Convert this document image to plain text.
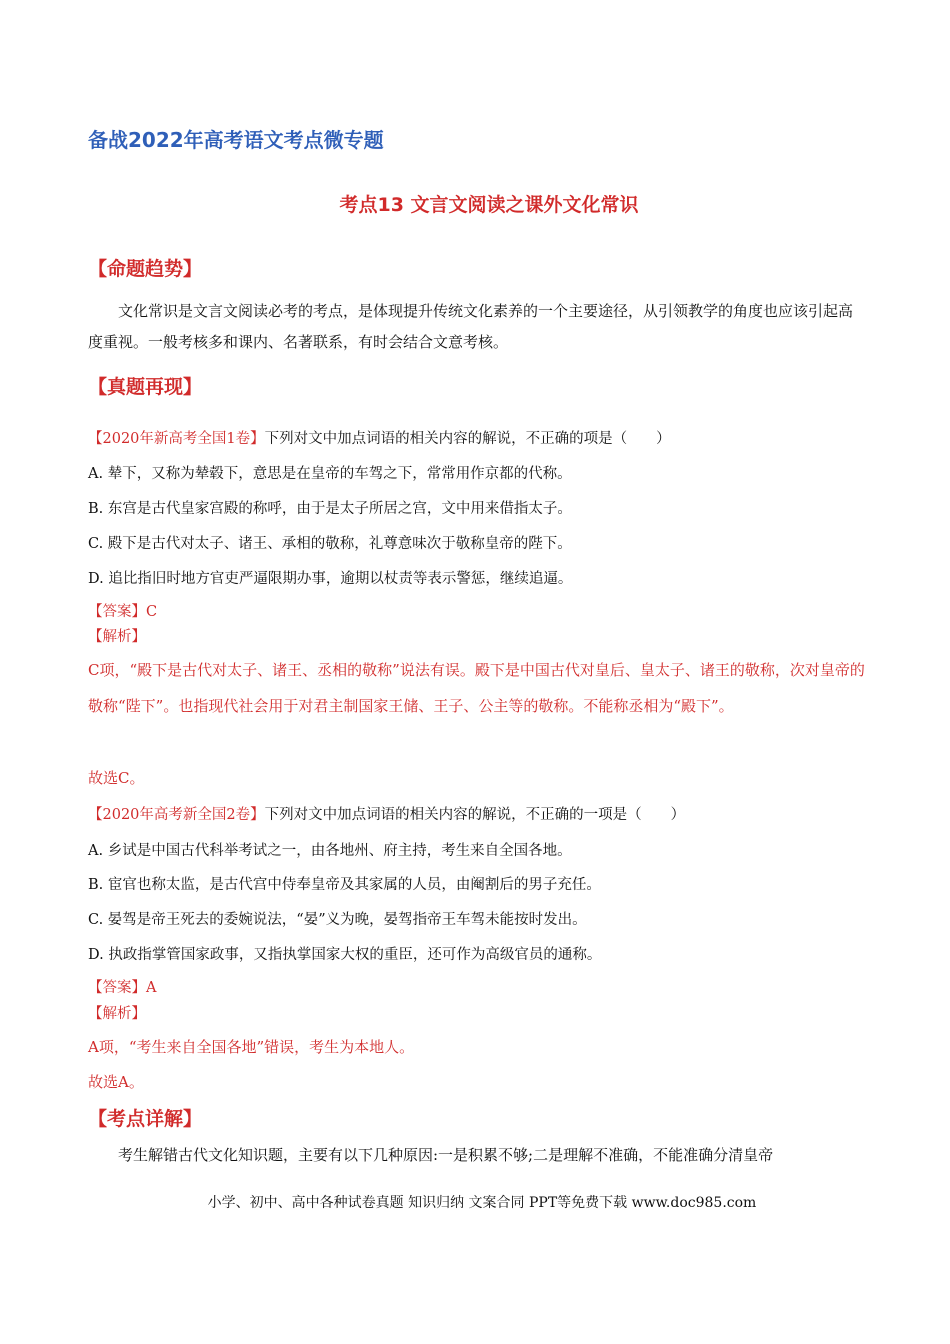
备战2022年高考语文考点微专题
考点13 文言文阅读之课外文化常识
【命题趋势】
文化常识是文言文阅读必考的考点，是体现提升传统文化素养的一个主要途径，从引领教学的角度也应该引起高度重视。一般考核多和课内、名著联系，有时会结合文意考核。
【真题再现】
【2020年新高考全国1卷】下列对文中加点词语的相关内容的解说，不正确的项是（　　）
A. 辇下，又称为辇毂下，意思是在皇帝的车驾之下，常常用作京都的代称。
B. 东宫是古代皇家宫殿的称呼，由于是太子所居之宫，文中用来借指太子。
C. 殿下是古代对太子、诸王、承相的敬称，礼尊意味次于敬称皇帝的陛下。
D. 追比指旧时地方官吏严逼限期办事，逾期以杖责等表示警惩，继续追逼。
【答案】C
【解析】
C项，“殿下是古代对太子、诸王、丞相的敬称”说法有误。殿下是中国古代对皇后、皇太子、诸王的敬称，次对皇帝的敬称“陛下”。也指现代社会用于对君主制国家王储、王子、公主等的敬称。不能称丞相为“殿下”。
故选C。
【2020年高考新全国2卷】下列对文中加点词语的相关内容的解说，不正确的一项是（　　）
A. 乡试是中国古代科举考试之一，由各地州、府主持，考生来自全国各地。
B. 宦官也称太监，是古代宫中侍奉皇帝及其家属的人员，由阉割后的男子充任。
C. 晏驾是帝王死去的委婉说法，“晏”义为晚，晏驾指帝王车驾未能按时发出。
D. 执政指掌管国家政事，又指执掌国家大权的重臣，还可作为高级官员的通称。
【答案】A
【解析】
A项，“考生来自全国各地”错误，考生为本地人。
故选A。
【考点详解】
考生解错古代文化知识题，主要有以下几种原因:一是积累不够;二是理解不准确，不能准确分清皇帝
小学、初中、高中各种试卷真题 知识归纳 文案合同 PPT等免费下载 www.doc985.com
